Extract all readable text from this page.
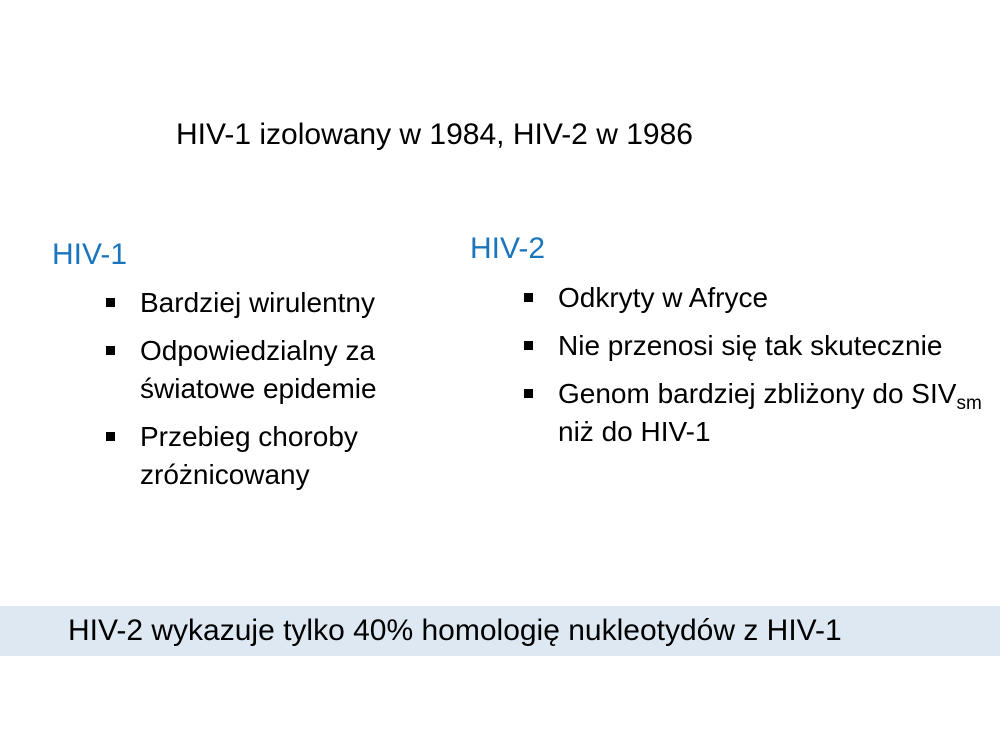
HIV-1 izolowany w 1984, HIV-2 w 1986
HIV-1
Bardziej wirulentny
Odpowiedzialny za światowe epidemie
Przebieg choroby zróżnicowany
HIV-2
Odkryty w Afryce
Nie przenosi się tak skutecznie
Genom bardziej zbliżony do $SIV_{sm}$ niż do HIV-1
HIV-2 wykazuje tylko 40% homologię nukleotydów z HIV-1
